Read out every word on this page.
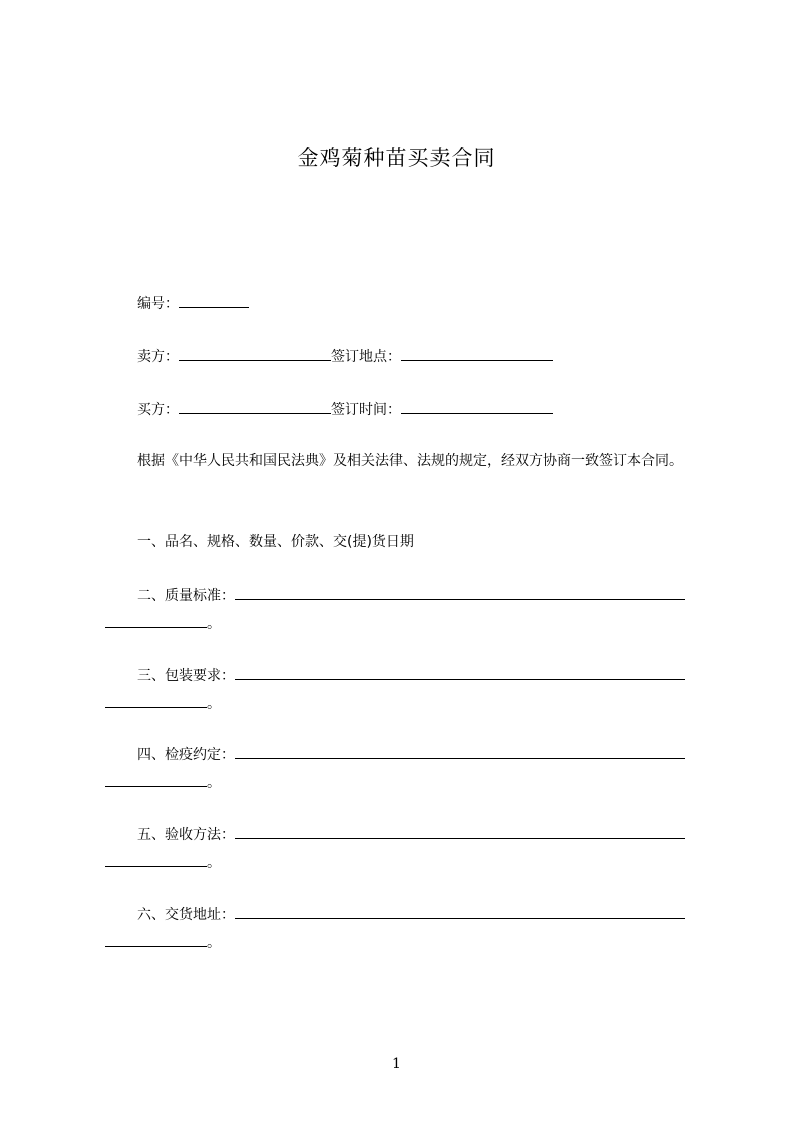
金鸡菊种苗买卖合同
编号：
卖方：	签订地点：
买方：	签订时间：
根据《中华人民共和国民法典》及相关法律、法规的规定，经双方协商一致签订本合同。
一、品名、规格、数量、价款、交(提)货日期
二、质量标准：
。
三、包装要求：
。
四、检疫约定：
。
五、验收方法：
。
六、交货地址：
。
1
